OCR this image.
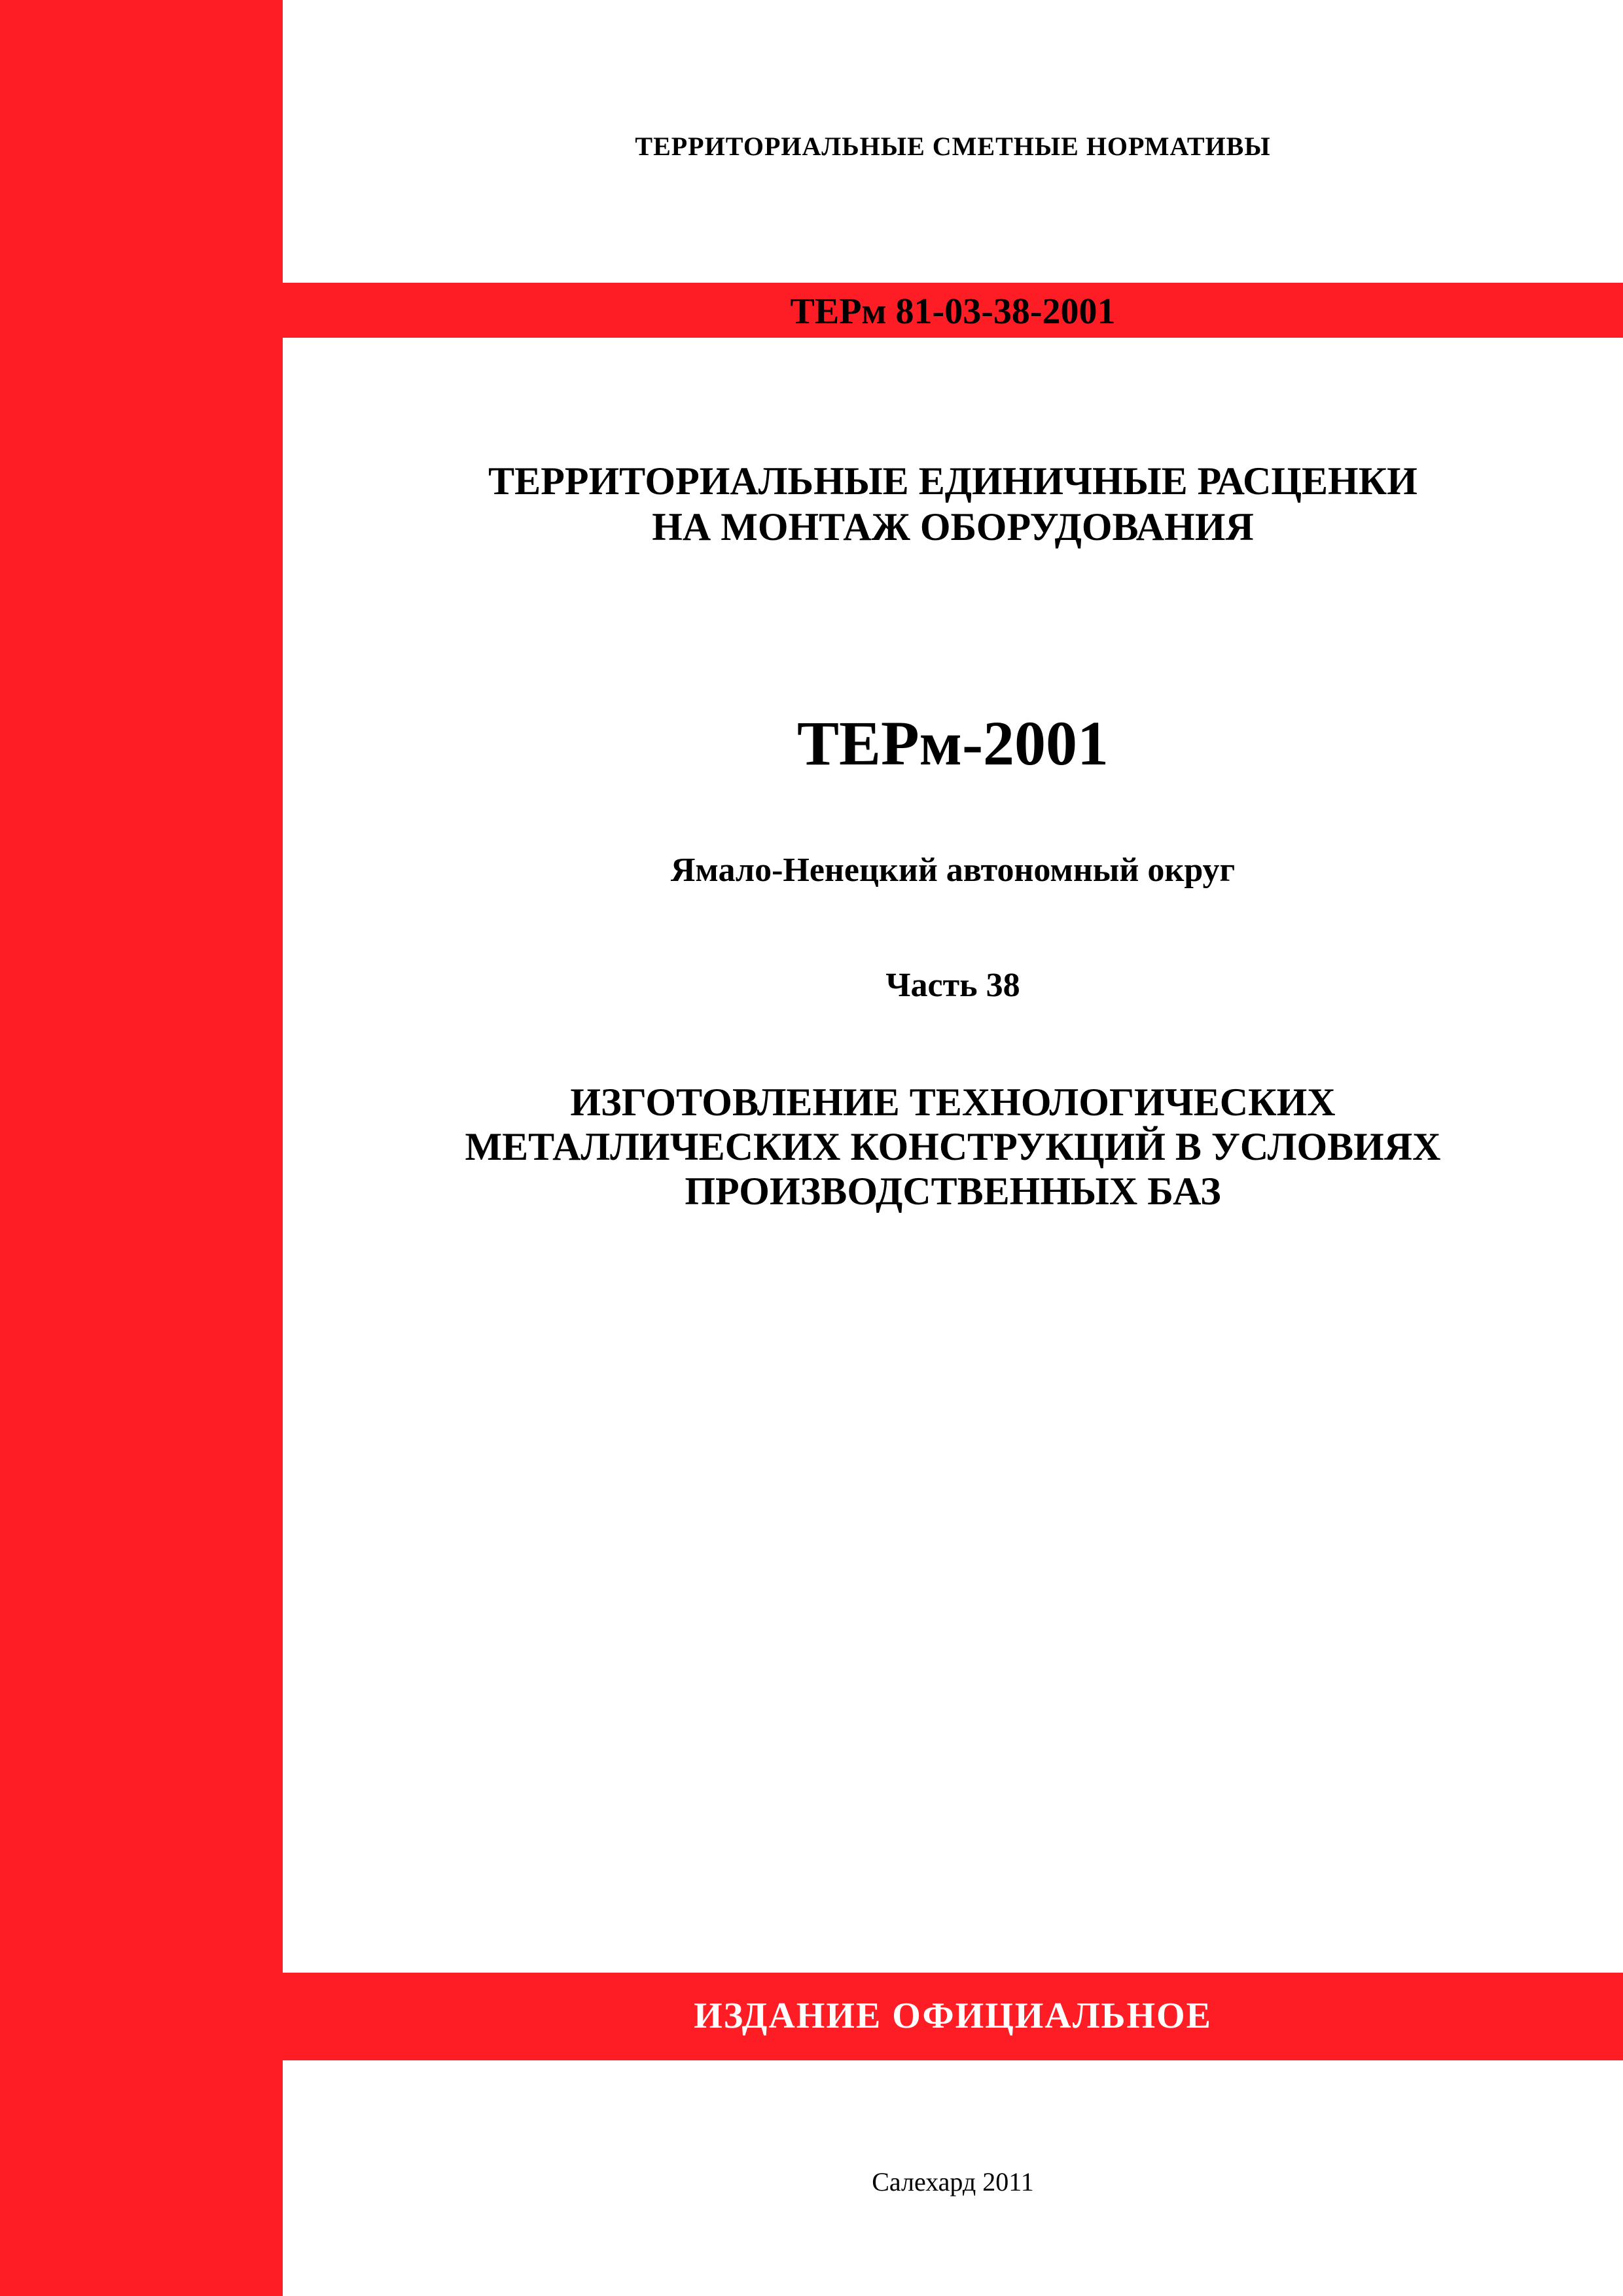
ТЕРм 81-03-38-2001
ТЕРРИТОРИАЛЬНЫЕ СМЕТНЫЕ НОРМАТИВЫ
ТЕРРИТОРИАЛЬНЫЕ ЕДИНИЧНЫЕ РАСЦЕНКИ
НА МОНТАЖ ОБОРУДОВАНИЯ
ТЕРм-2001
Ямало-Ненецкий автономный округ
Часть 38
ИЗГОТОВЛЕНИЕ ТЕХНОЛОГИЧЕСКИХ
МЕТАЛЛИЧЕСКИХ КОНСТРУКЦИЙ В УСЛОВИЯХ
ПРОИЗВОДСТВЕННЫХ БАЗ
ИЗДАНИЕ ОФИЦИАЛЬНОЕ
Салехард 2011
